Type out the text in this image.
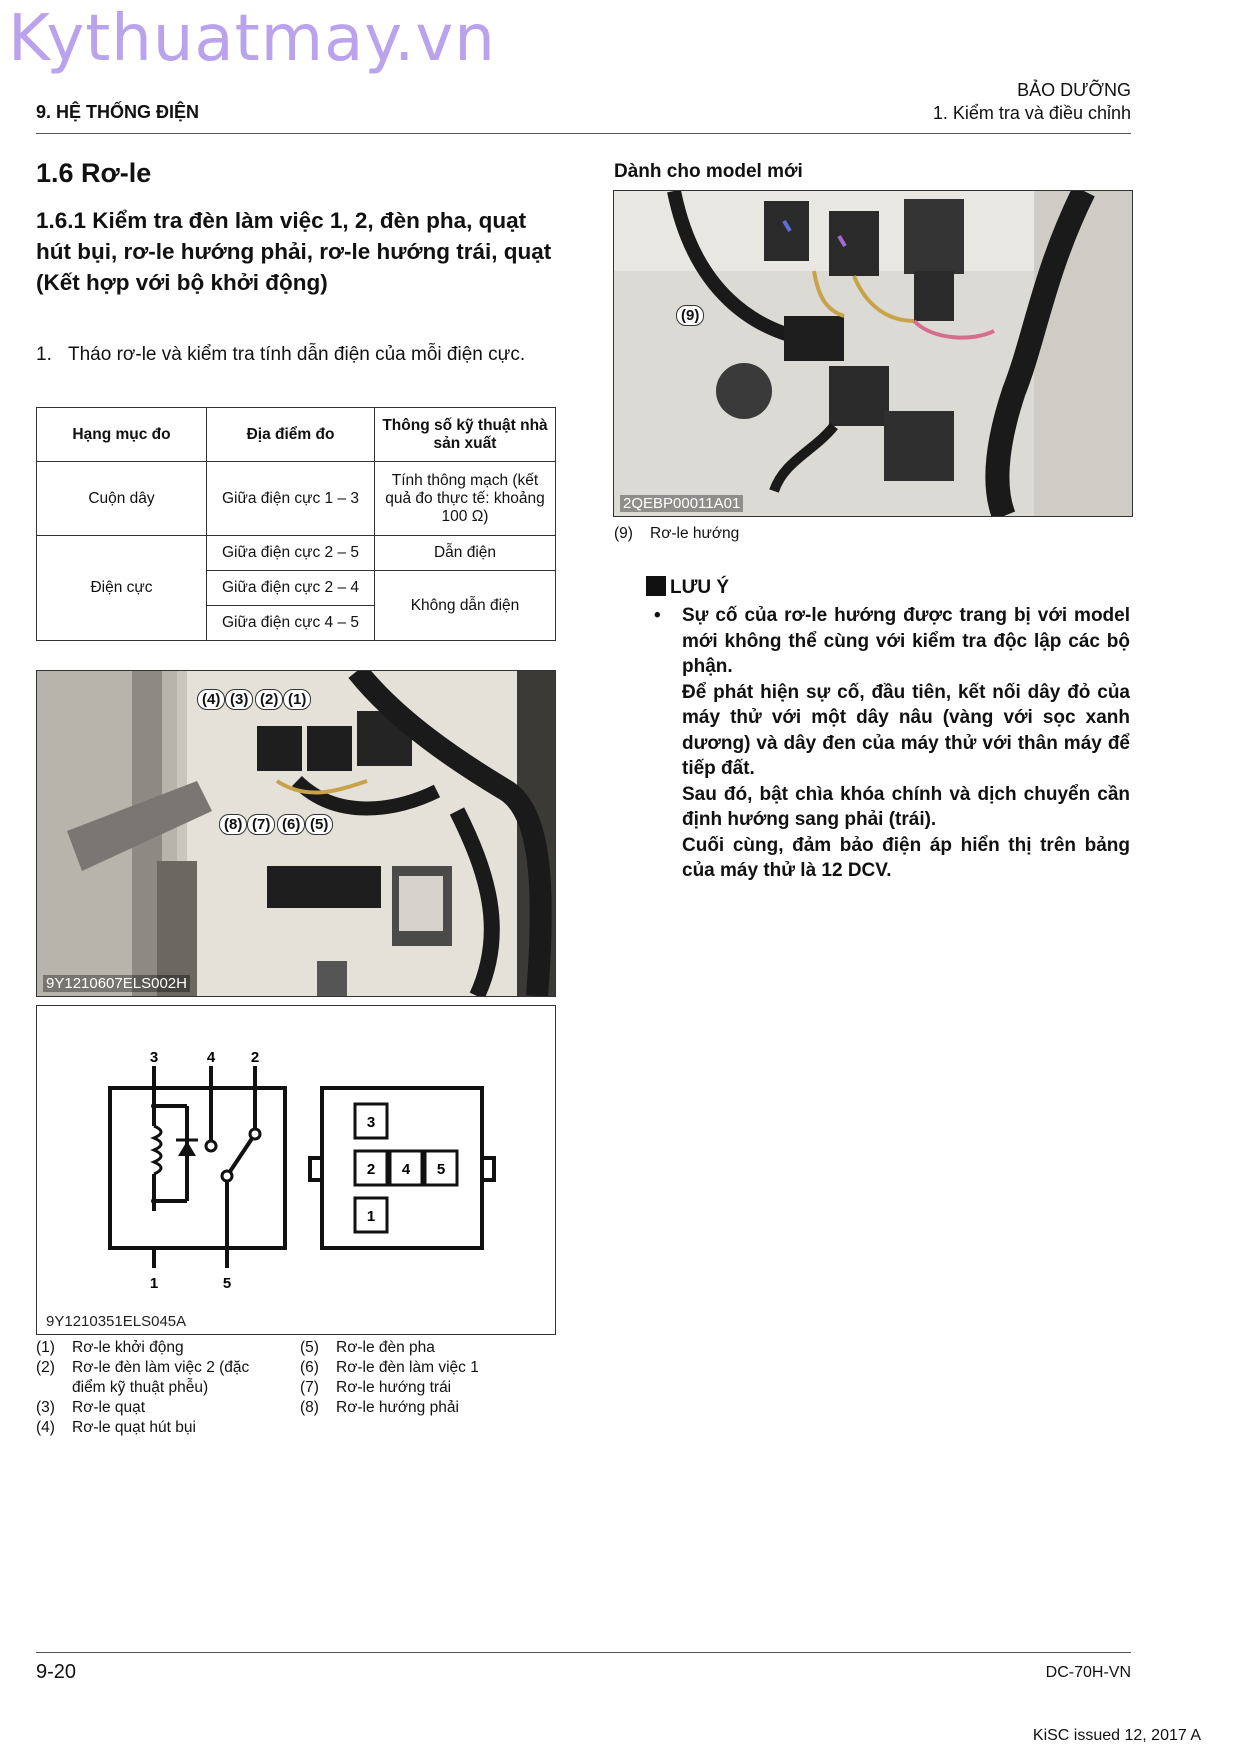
Kythuatmay.vn
9. HỆ THỐNG ĐIỆN
BẢO DƯỠNG
1. Kiểm tra và điều chỉnh
1.6 Rơ-le
1.6.1 Kiểm tra đèn làm việc 1, 2, đèn pha, quạt hút bụi, rơ-le hướng phải, rơ-le hướng trái, quạt (Kết hợp với bộ khởi động)
1. Tháo rơ-le và kiểm tra tính dẫn điện của mỗi điện cực.
Hạng mục đo	Địa điểm đo	Thông số kỹ thuật nhà sản xuất
Cuộn dây	Giữa điện cực 1 – 3	Tính thông mạch (kết quả đo thực tế: khoảng 100 Ω)
Điện cực	Giữa điện cực 2 – 5	Dẫn điện
	Giữa điện cực 2 – 4	Không dẫn điện
	Giữa điện cực 4 – 5	
(4) (3) (2) (1)
(8) (7) (6) (5)
9Y1210607ELS002H
3	4 2
1	5
3
2 4 5
1
9Y1210351ELS045A
(1) Rơ-le khởi động
(2) Rơ-le đèn làm việc 2 (đặc điểm kỹ thuật phễu)
(3) Rơ-le quạt
(4) Rơ-le quạt hút bụi
(5) Rơ-le đèn pha
(6) Rơ-le đèn làm việc 1
(7) Rơ-le hướng trái
(8) Rơ-le hướng phải
Dành cho model mới
(9)
2QEBP00011A01
(9) Rơ-le hướng
LƯU Ý
• Sự cố của rơ-le hướng được trang bị với model mới không thể cùng với kiểm tra độc lập các bộ phận.
Để phát hiện sự cố, đầu tiên, kết nối dây đỏ của máy thử với một dây nâu (vàng với sọc xanh dương) và dây đen của máy thử với thân máy để tiếp đất.
Sau đó, bật chìa khóa chính và dịch chuyển cần định hướng sang phải (trái).
Cuối cùng, đảm bảo điện áp hiển thị trên bảng của máy thử là 12 DCV.
9-20	DC-70H-VN
KiSC issued 12, 2017 A
